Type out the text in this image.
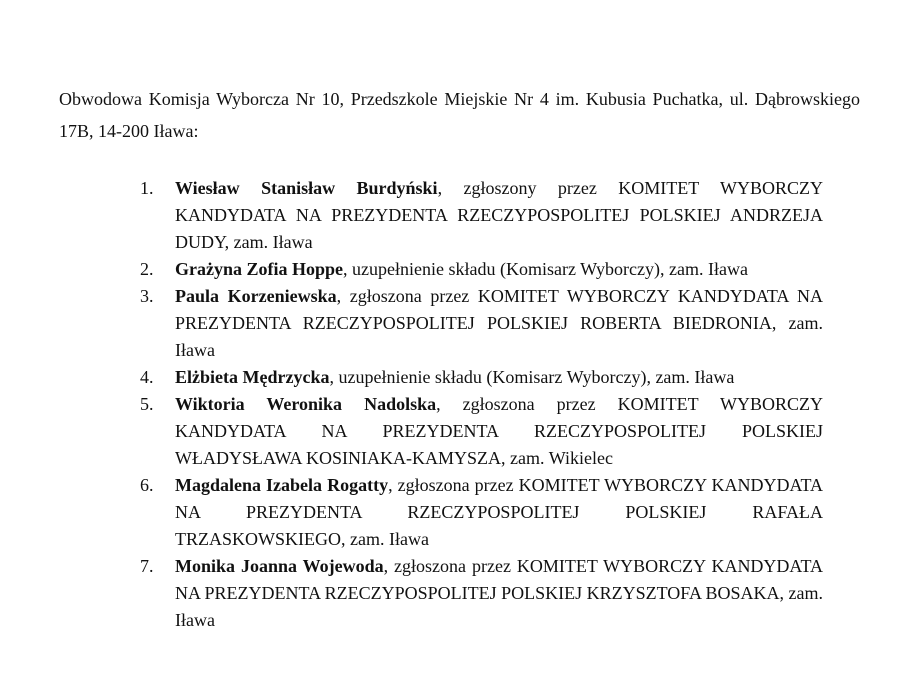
Obwodowa Komisja Wyborcza Nr 10, Przedszkole Miejskie Nr 4 im. Kubusia Puchatka, ul. Dąbrowskiego 17B, 14-200 Iława:

1.	Wiesław Stanisław Burdyński, zgłoszony przez KOMITET WYBORCZY KANDYDATA NA PREZYDENTA RZECZYPOSPOLITEJ POLSKIEJ ANDRZEJA DUDY, zam. Iława
2.	Grażyna Zofia Hoppe, uzupełnienie składu (Komisarz Wyborczy), zam. Iława
3.	Paula Korzeniewska, zgłoszona przez KOMITET WYBORCZY KANDYDATA NA PREZYDENTA RZECZYPOSPOLITEJ POLSKIEJ ROBERTA BIEDRONIA, zam. Iława
4.	Elżbieta Mędrzycka, uzupełnienie składu (Komisarz Wyborczy), zam. Iława
5.	Wiktoria Weronika Nadolska, zgłoszona przez KOMITET WYBORCZY KANDYDATA NA PREZYDENTA RZECZYPOSPOLITEJ POLSKIEJ WŁADYSŁAWA KOSINIAKA-KAMYSZA, zam. Wikielec
6.	Magdalena Izabela Rogatty, zgłoszona przez KOMITET WYBORCZY KANDYDATA NA PREZYDENTA RZECZYPOSPOLITEJ POLSKIEJ RAFAŁA TRZASKOWSKIEGO, zam. Iława
7.	Monika Joanna Wojewoda, zgłoszona przez KOMITET WYBORCZY KANDYDATA NA PREZYDENTA RZECZYPOSPOLITEJ POLSKIEJ KRZYSZTOFA BOSAKA, zam. Iława
